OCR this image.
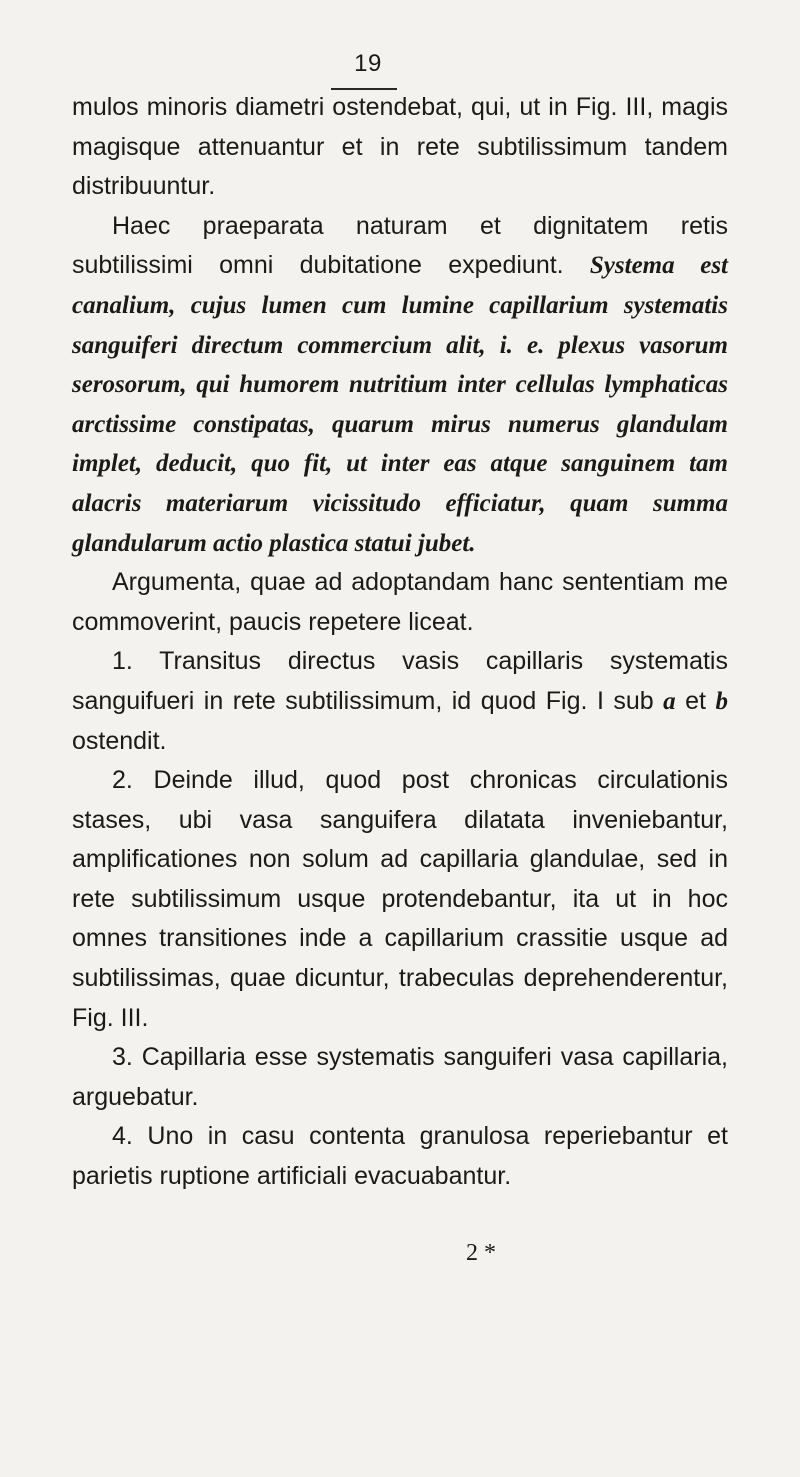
19

mulos minoris diametri ostendebat, qui, ut in Fig. III, magis magisque attenuantur et in rete subtilissimum tandem distribuuntur.

Haec praeparata naturam et dignitatem retis subtilissimi omni dubitatione expediunt. Systema est canalium, cujus lumen cum lumine capillarium systematis sanguiferi directum commercium alit, i. e. plexus vasorum serosorum, qui humorem nutritium inter cellulas lymphaticas arctissime constipatas, quarum mirus numerus glandulam implet, deducit, quo fit, ut inter eas atque sanguinem tam alacris materiarum vicissitudo efficiatur, quam summa glandularum actio plastica statui jubet.

Argumenta, quae ad adoptandam hanc sententiam me commoverint, paucis repetere liceat.

1. Transitus directus vasis capillaris systematis sanguifueri in rete subtilissimum, id quod Fig. I sub a et b ostendit.

2. Deinde illud, quod post chronicas circulationis stases, ubi vasa sanguifera dilatata inveniebantur, amplificationes non solum ad capillaria glandulae, sed in rete subtilissimum usque protendebantur, ita ut in hoc omnes transitiones inde a capillarium crassitie usque ad subtilissimas, quae dicuntur, trabeculas deprehenderentur, Fig. III.

3. Capillaria esse systematis sanguiferi vasa capillaria, arguebatur.

4. Uno in casu contenta granulosa reperiebantur et parietis ruptione artificiali evacuabantur.

2 *
